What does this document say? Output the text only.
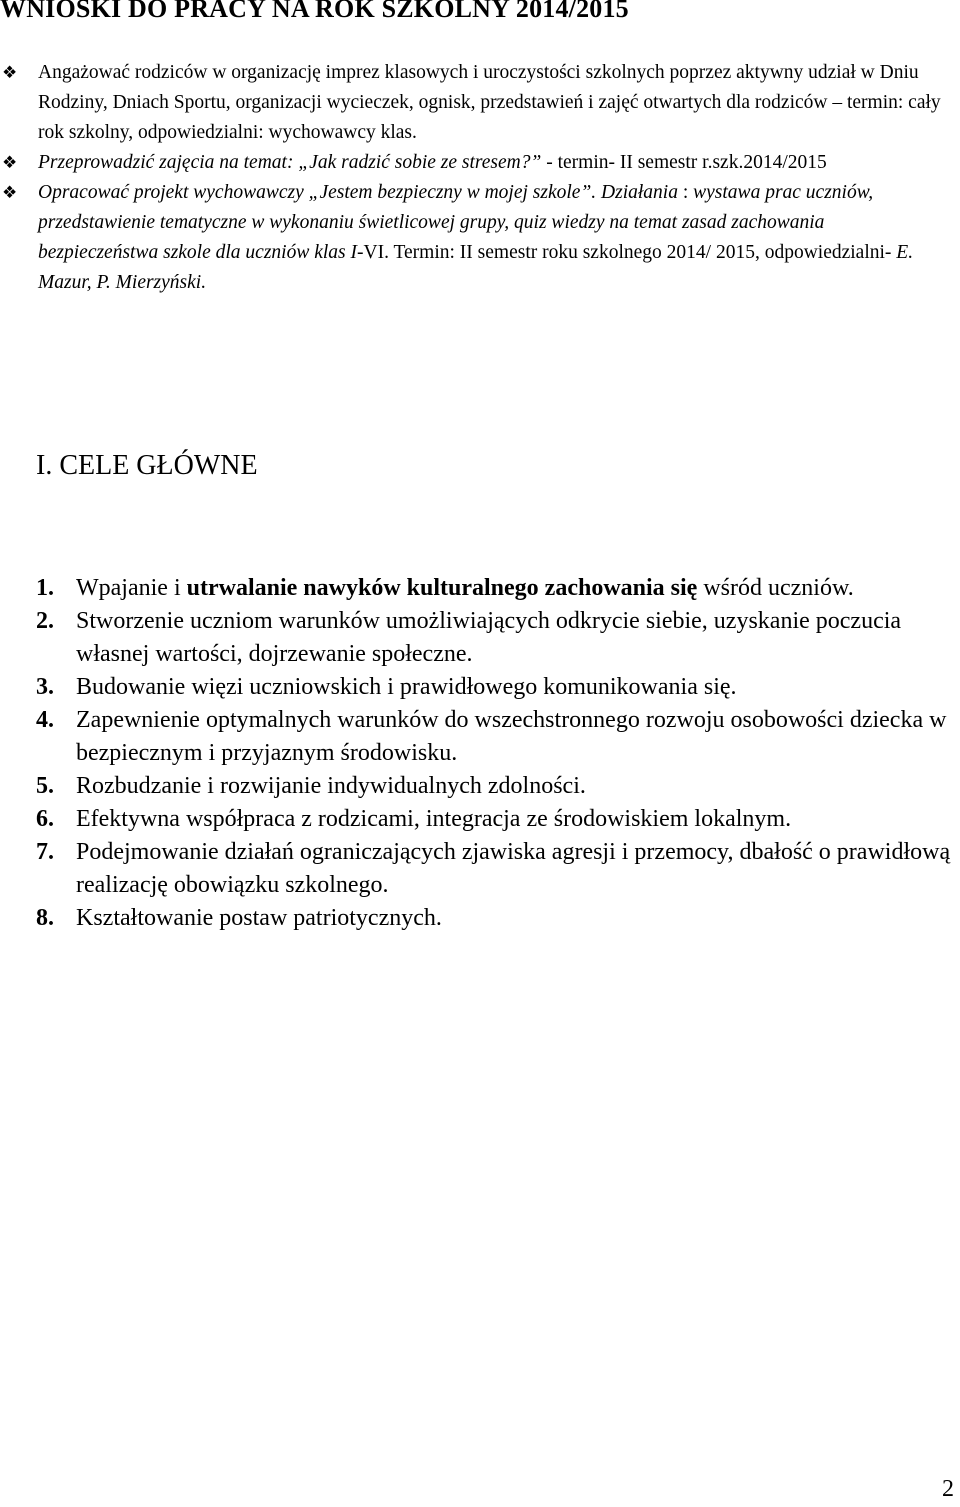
WNIOSKI DO PRACY NA ROK SZKOLNY 2014/2015
❖ Angażować rodziców w organizację imprez klasowych i uroczystości szkolnych poprzez aktywny udział w Dniu Rodziny, Dniach Sportu, organizacji wycieczek, ognisk, przedstawień i zajęć otwartych dla rodziców – termin: cały rok szkolny, odpowiedzialni: wychowawcy klas.
❖ Przeprowadzić zajęcia na temat: „Jak radzić sobie ze stresem?” - termin- II semestr r.szk.2014/2015
❖ Opracować projekt wychowawczy „Jestem bezpieczny w mojej szkole”. Działania : wystawa prac uczniów, przedstawienie tematyczne w wykonaniu świetlicowej grupy, quiz wiedzy na temat zasad zachowania bezpieczeństwa szkole dla uczniów klas I-VI. Termin: II semestr roku szkolnego 2014/ 2015, odpowiedzialni- E. Mazur, P. Mierzyński.
I. CELE GŁÓWNE
1. Wpajanie i utrwalanie nawyków kulturalnego zachowania się wśród uczniów.
2. Stworzenie uczniom warunków umożliwiających odkrycie siebie, uzyskanie poczucia własnej wartości, dojrzewanie społeczne.
3. Budowanie więzi uczniowskich i prawidłowego komunikowania się.
4. Zapewnienie optymalnych warunków do wszechstronnego rozwoju osobowości dziecka w bezpiecznym i przyjaznym środowisku.
5. Rozbudzanie i rozwijanie indywidualnych zdolności.
6. Efektywna współpraca z rodzicami, integracja ze środowiskiem lokalnym.
7. Podejmowanie działań ograniczających zjawiska agresji i przemocy, dbałość o prawidłową realizację obowiązku szkolnego.
8. Kształtowanie postaw patriotycznych.
2
